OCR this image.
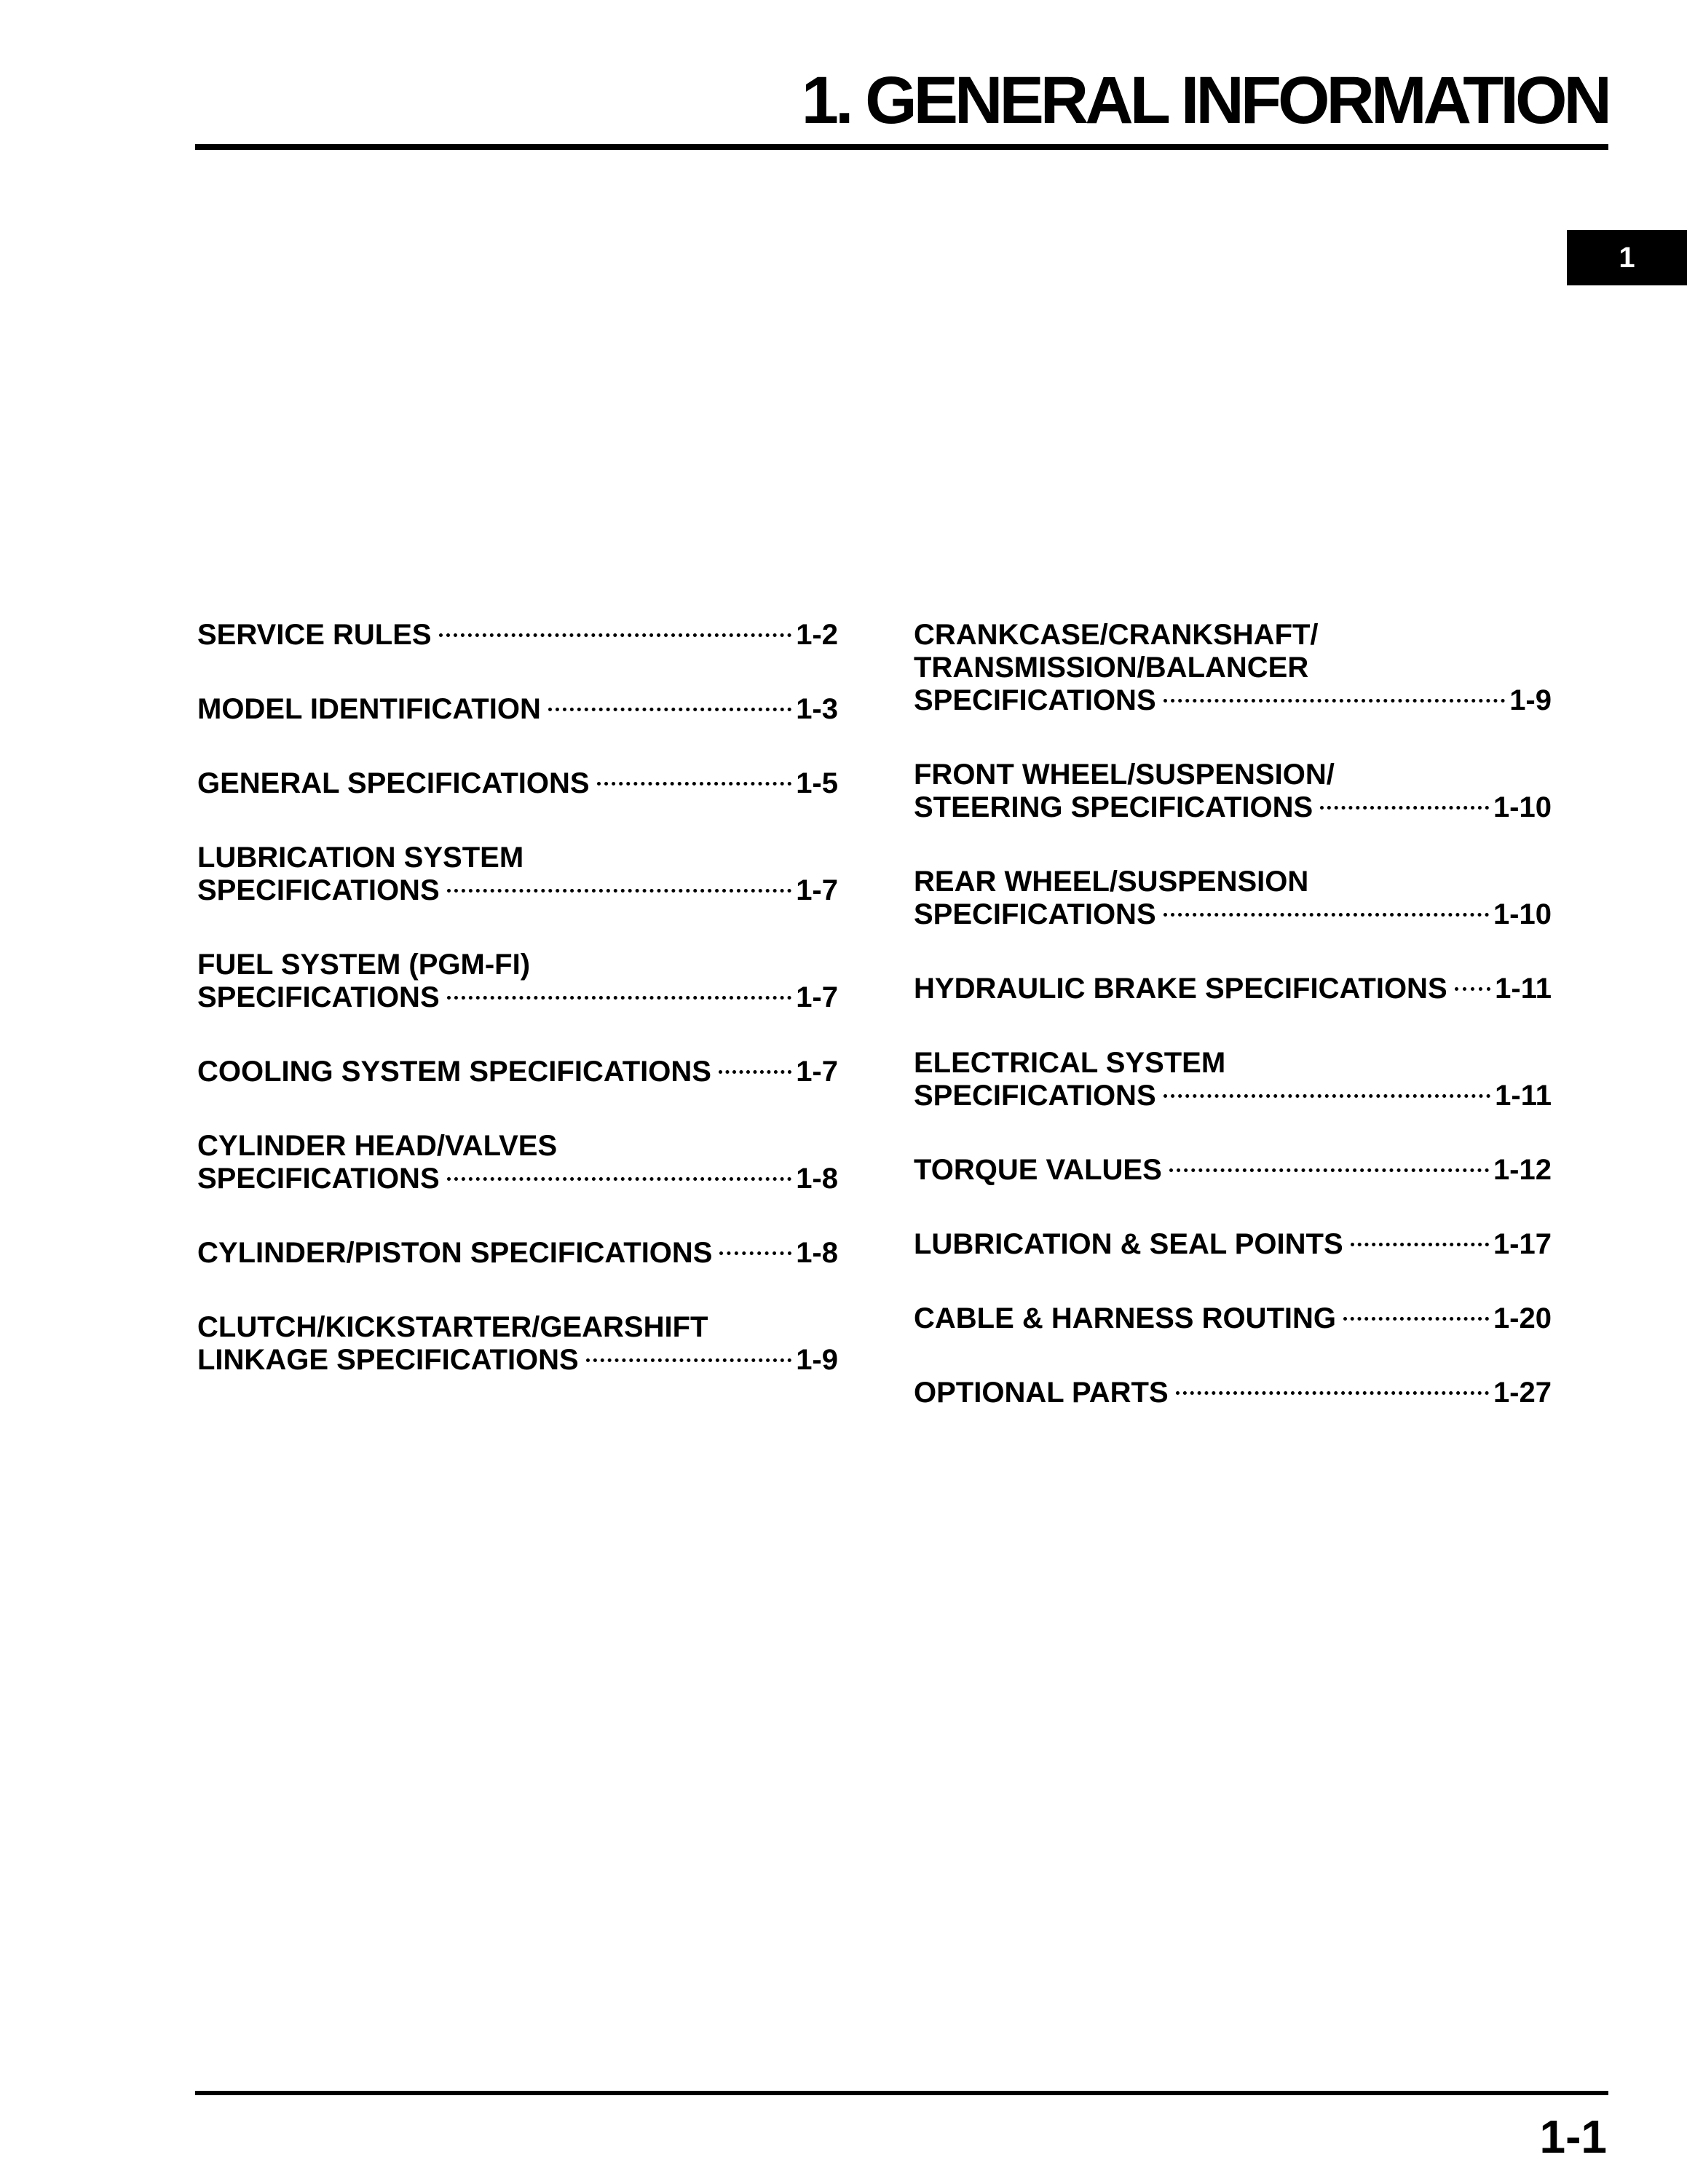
1. GENERAL INFORMATION
1
SERVICE RULES	1-2
MODEL IDENTIFICATION	1-3
GENERAL SPECIFICATIONS	1-5
LUBRICATION SYSTEM
SPECIFICATIONS	1-7
FUEL SYSTEM (PGM-FI)
SPECIFICATIONS	1-7
COOLING SYSTEM SPECIFICATIONS	1-7
CYLINDER HEAD/VALVES
SPECIFICATIONS	1-8
CYLINDER/PISTON SPECIFICATIONS	1-8
CLUTCH/KICKSTARTER/GEARSHIFT
LINKAGE SPECIFICATIONS	1-9
CRANKCASE/CRANKSHAFT/
TRANSMISSION/BALANCER
SPECIFICATIONS	1-9
FRONT WHEEL/SUSPENSION/
STEERING SPECIFICATIONS	1-10
REAR WHEEL/SUSPENSION
SPECIFICATIONS	1-10
HYDRAULIC BRAKE SPECIFICATIONS 1-11
ELECTRICAL SYSTEM
SPECIFICATIONS	1-11
TORQUE VALUES	1-12
LUBRICATION & SEAL POINTS	1-17
CABLE & HARNESS ROUTING	1-20
OPTIONAL PARTS	1-27
1-1
